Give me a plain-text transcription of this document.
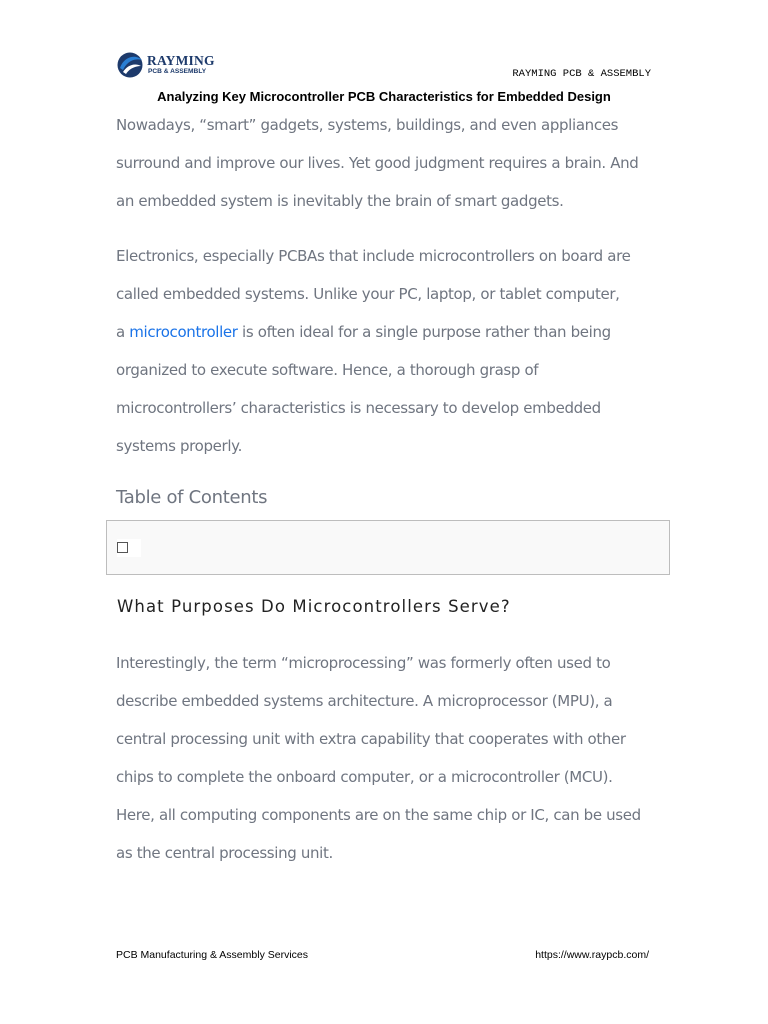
RAYMING
PCB & ASSEMBLY	RAYMING PCB & ASSEMBLY
Analyzing Key Microcontroller PCB Characteristics for Embedded Design

Nowadays, “smart” gadgets, systems, buildings, and even appliances
surround and improve our lives. Yet good judgment requires a brain. And
an embedded system is inevitably the brain of smart gadgets.

Electronics, especially PCBAs that include microcontrollers on board are
called embedded systems. Unlike your PC, laptop, or tablet computer,
a microcontroller is often ideal for a single purpose rather than being
organized to execute software. Hence, a thorough grasp of
microcontrollers’ characteristics is necessary to develop embedded
systems properly.

Table of Contents
What Purposes Do Microcontrollers Serve?

Interestingly, the term “microprocessing” was formerly often used to
describe embedded systems architecture. A microprocessor (MPU), a
central processing unit with extra capability that cooperates with other
chips to complete the onboard computer, or a microcontroller (MCU).
Here, all computing components are on the same chip or IC, can be used
as the central processing unit.

PCB Manufacturing & Assembly Services	https://www.raypcb.com/
